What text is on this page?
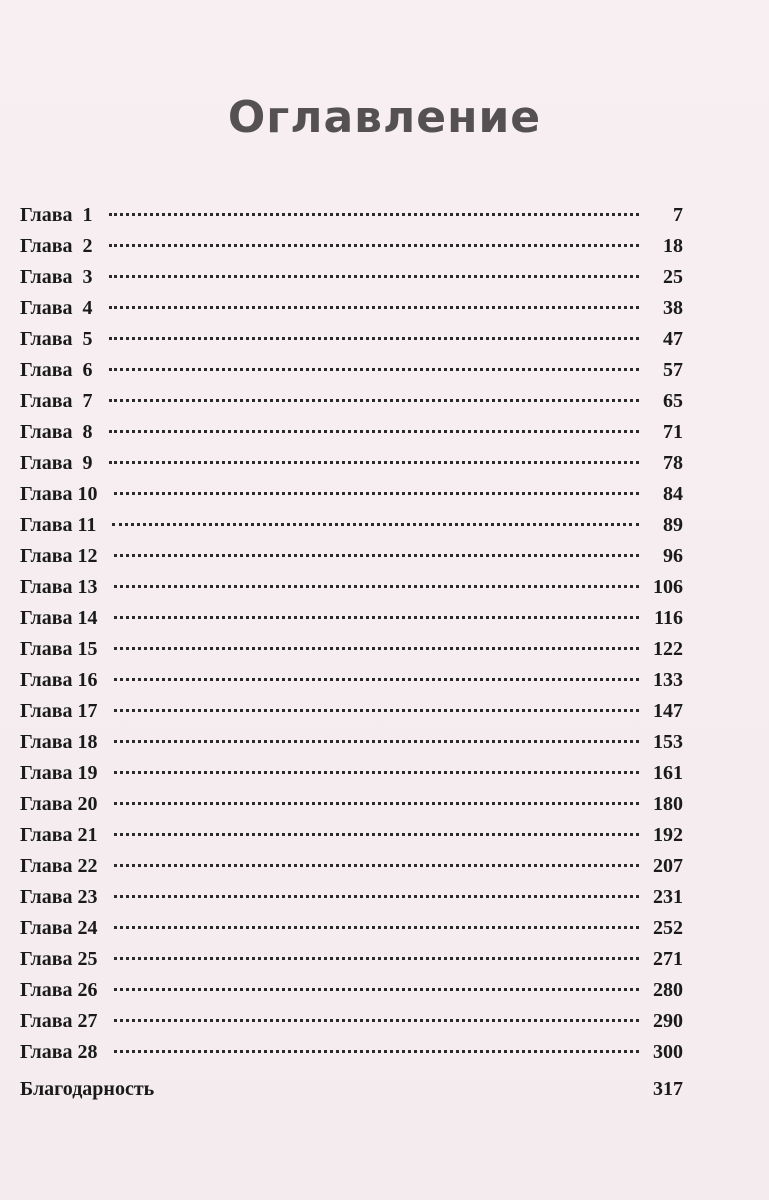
Оглавление
Глава  1	7
Глава  2	18
Глава  3	25
Глава  4	38
Глава  5	47
Глава  6	57
Глава  7	65
Глава  8	71
Глава  9	78
Глава 10	84
Глава 11	89
Глава 12	96
Глава 13	106
Глава 14	116
Глава 15	122
Глава 16	133
Глава 17	147
Глава 18	153
Глава 19	161
Глава 20	180
Глава 21	192
Глава 22	207
Глава 23	231
Глава 24	252
Глава 25	271
Глава 26	280
Глава 27	290
Глава 28	300
Благодарность	317
